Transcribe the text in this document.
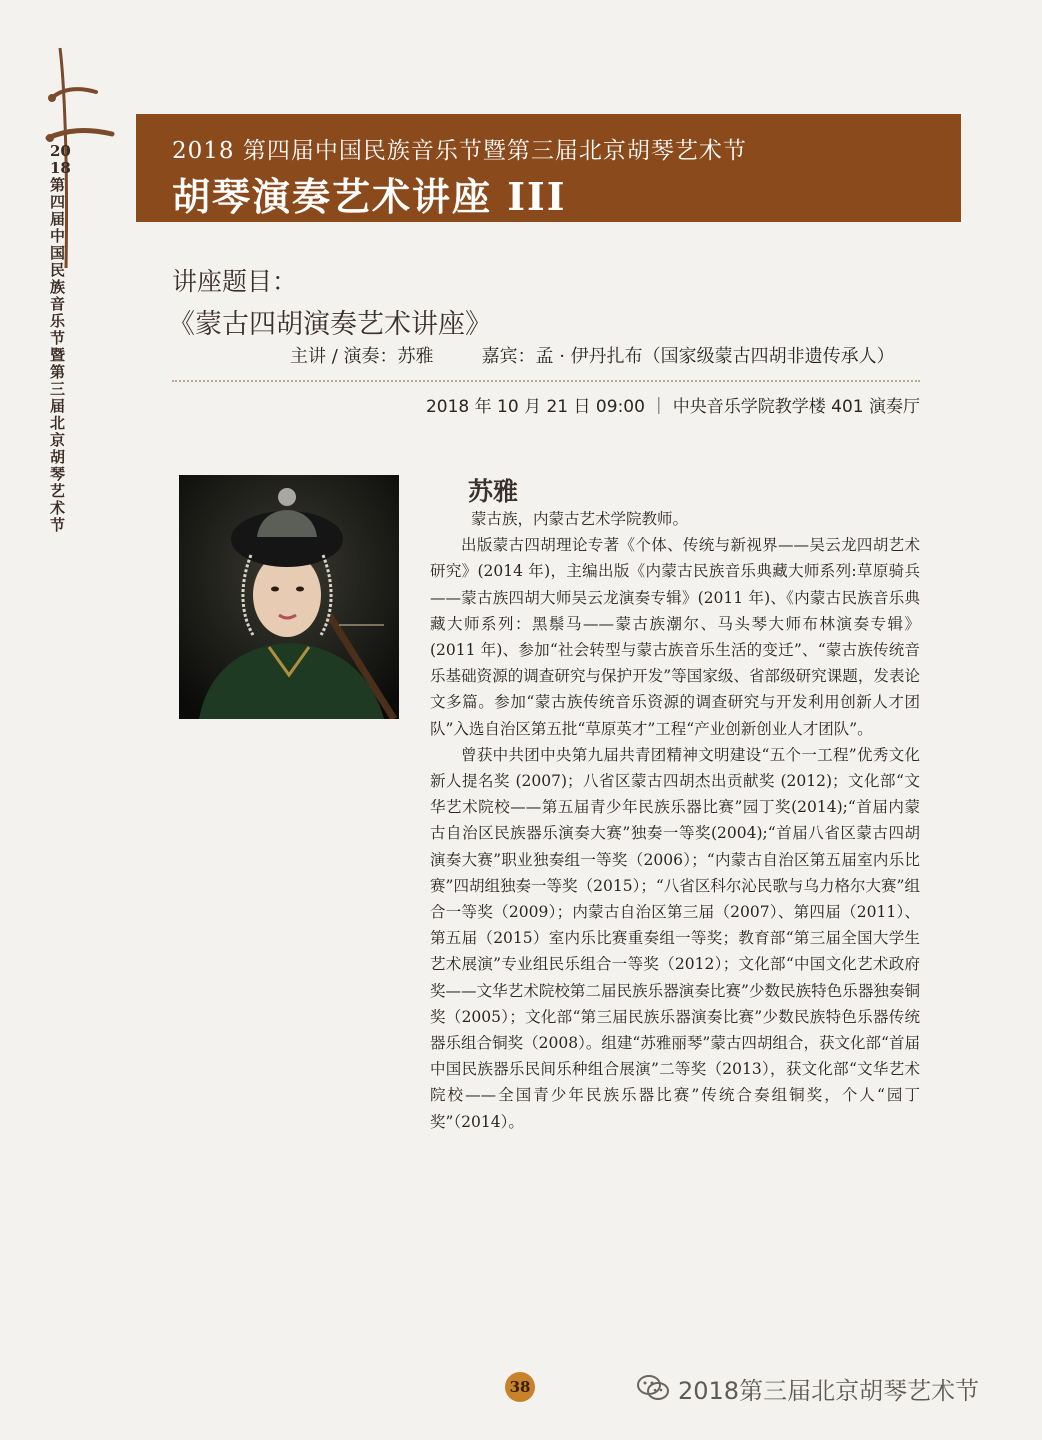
2018第四届中国民族音乐节暨第三届北京胡琴艺术节
2018 第四届中国民族音乐节暨第三届北京胡琴艺术节
胡琴演奏艺术讲座 III
讲座题目：
《蒙古四胡演奏艺术讲座》
主讲 / 演奏：苏雅	嘉宾：孟 · 伊丹扎布（国家级蒙古四胡非遗传承人）
2018 年 10 月 21 日 09:00 ｜ 中央音乐学院教学楼 401 演奏厅
苏雅

蒙古族，内蒙古艺术学院教师。

出版蒙古四胡理论专著《个体、传统与新视界——吴云龙四胡艺术研究》(2014 年)，主编出版《内蒙古民族音乐典藏大师系列:草原骑兵——蒙古族四胡大师吴云龙演奏专辑》(2011 年)、《内蒙古民族音乐典藏大师系列：黑鬃马——蒙古族潮尔、马头琴大师布林演奏专辑》(2011 年)、参加“社会转型与蒙古族音乐生活的变迁”、“蒙古族传统音乐基础资源的调查研究与保护开发”等国家级、省部级研究课题，发表论文多篇。参加“蒙古族传统音乐资源的调查研究与开发利用创新人才团队”入选自治区第五批“草原英才”工程“产业创新创业人才团队”。

曾获中共团中央第九届共青团精神文明建设“五个一工程”优秀文化新人提名奖 (2007)；八省区蒙古四胡杰出贡献奖 (2012)；文化部“文华艺术院校——第五届青少年民族乐器比赛”园丁奖(2014);“首届内蒙古自治区民族器乐演奏大赛”独奏一等奖(2004);“首届八省区蒙古四胡演奏大赛”职业独奏组一等奖（2006）；“内蒙古自治区第五届室内乐比赛”四胡组独奏一等奖（2015）；“八省区科尔沁民歌与乌力格尔大赛”组合一等奖（2009）；内蒙古自治区第三届（2007）、第四届（2011）、第五届（2015）室内乐比赛重奏组一等奖；教育部“第三届全国大学生艺术展演”专业组民乐组合一等奖（2012）；文化部“中国文化艺术政府奖——文华艺术院校第二届民族乐器演奏比赛”少数民族特色乐器独奏铜奖（2005）；文化部“第三届民族乐器演奏比赛”少数民族特色乐器传统器乐组合铜奖（2008）。组建“苏雅丽琴”蒙古四胡组合，获文化部“首届中国民族器乐民间乐种组合展演”二等奖（2013），获文化部“文华艺术院校——全国青少年民族乐器比赛”传统合奏组铜奖，个人“园丁奖”（2014）。

38	2018第三届北京胡琴艺术节
